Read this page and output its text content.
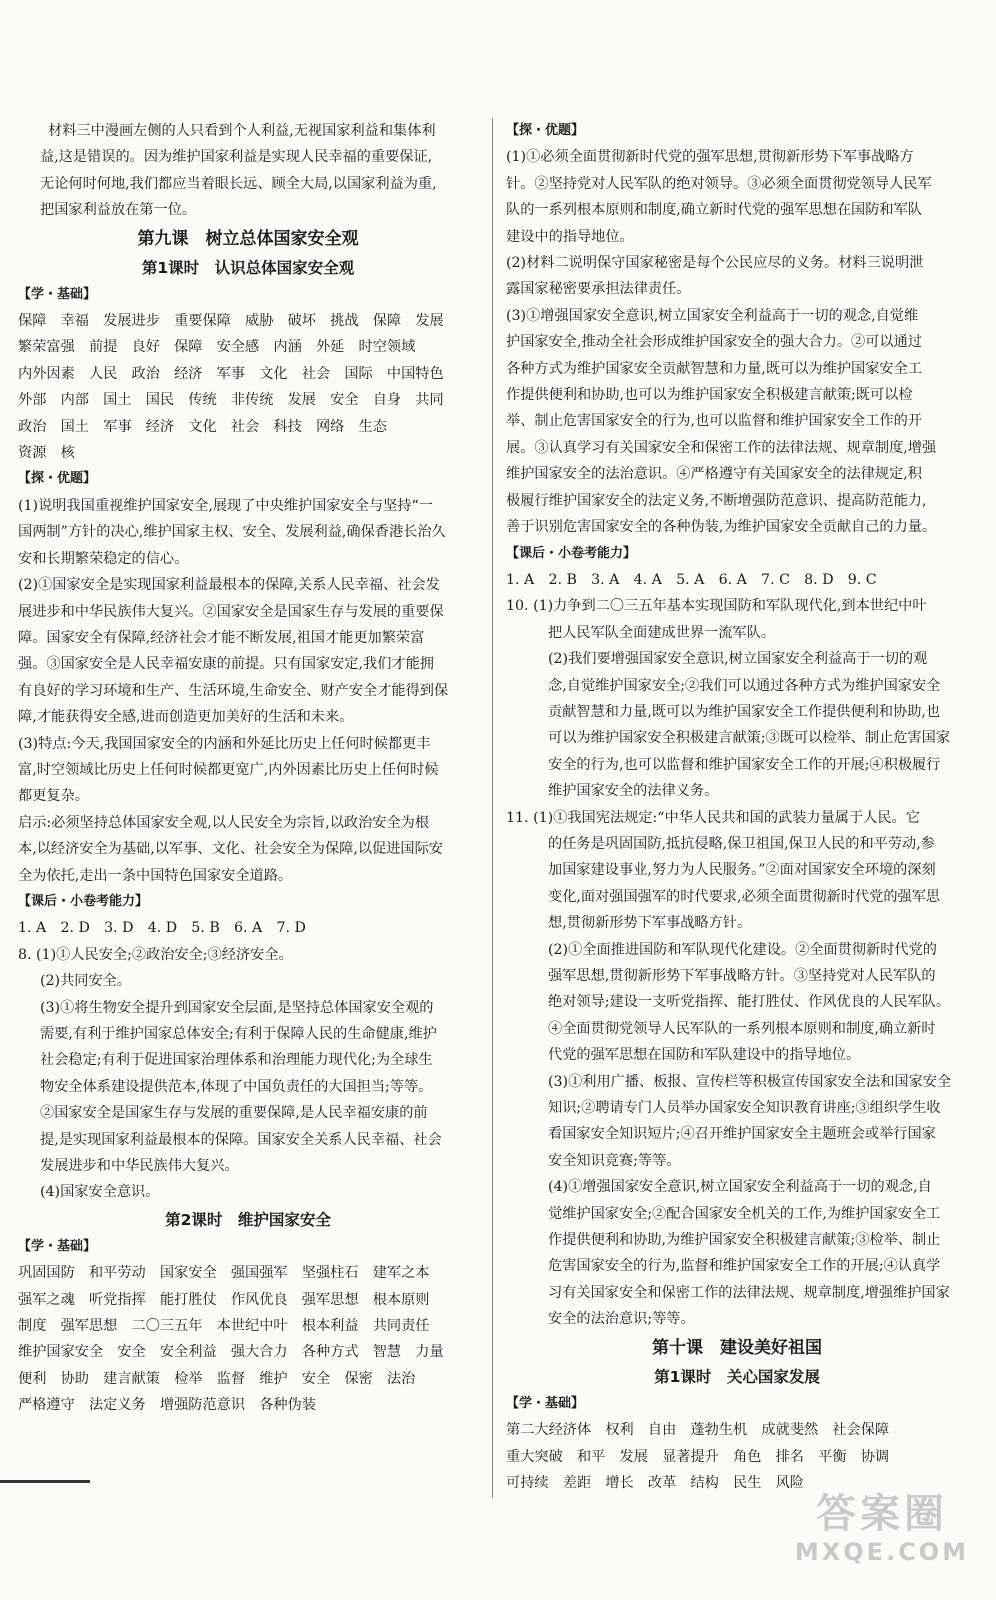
材料三中漫画左侧的人只看到个人利益,无视国家利益和集体利
益,这是错误的。因为维护国家利益是实现人民幸福的重要保证,
无论何时何地,我们都应当着眼长远、顾全大局,以国家利益为重,
把国家利益放在第一位。
第九课　树立总体国家安全观
第1课时　认识总体国家安全观
【学・基础】
保障　幸福　发展进步　重要保障　威胁　破坏　挑战　保障　发展
繁荣富强　前提　良好　保障　安全感　内涵　外延　时空领域
内外因素　人民　政治　经济　军事　文化　社会　国际　中国特色
外部　内部　国土　国民　传统　非传统　发展　安全　自身　共同
政治　国土　军事　经济　文化　社会　科技　网络　生态
资源　核
【探・优题】
(1)说明我国重视维护国家安全,展现了中央维护国家安全与坚持“一
国两制”方针的决心,维护国家主权、安全、发展利益,确保香港长治久
安和长期繁荣稳定的信心。
(2)①国家安全是实现国家利益最根本的保障,关系人民幸福、社会发
展进步和中华民族伟大复兴。②国家安全是国家生存与发展的重要保
障。国家安全有保障,经济社会才能不断发展,祖国才能更加繁荣富
强。③国家安全是人民幸福安康的前提。只有国家安定,我们才能拥
有良好的学习环境和生产、生活环境,生命安全、财产安全才能得到保
障,才能获得安全感,进而创造更加美好的生活和未来。
(3)特点:今天,我国国家安全的内涵和外延比历史上任何时候都更丰
富,时空领域比历史上任何时候都更宽广,内外因素比历史上任何时候
都更复杂。
启示:必须坚持总体国家安全观,以人民安全为宗旨,以政治安全为根
本,以经济安全为基础,以军事、文化、社会安全为保障,以促进国际安
全为依托,走出一条中国特色国家安全道路。
【课后・小卷考能力】
1. A　2. D　3. D　4. D　5. B　6. A　7. D
8. (1)①人民安全;②政治安全;③经济安全。
(2)共同安全。
(3)①将生物安全提升到国家安全层面,是坚持总体国家安全观的
需要,有利于维护国家总体安全;有利于保障人民的生命健康,维护
社会稳定;有利于促进国家治理体系和治理能力现代化;为全球生
物安全体系建设提供范本,体现了中国负责任的大国担当;等等。
②国家安全是国家生存与发展的重要保障,是人民幸福安康的前
提,是实现国家利益最根本的保障。国家安全关系人民幸福、社会
发展进步和中华民族伟大复兴。
(4)国家安全意识。
第2课时　维护国家安全
【学・基础】
巩固国防　和平劳动　国家安全　强国强军　坚强柱石　建军之本
强军之魂　听党指挥　能打胜仗　作风优良　强军思想　根本原则
制度　强军思想　二〇三五年　本世纪中叶　根本利益　共同责任
维护国家安全　安全　安全利益　强大合力　各种方式　智慧　力量
便利　协助　建言献策　检举　监督　维护　安全　保密　法治
严格遵守　法定义务　增强防范意识　各种伪装
【探・优题】
(1)①必须全面贯彻新时代党的强军思想,贯彻新形势下军事战略方
针。②坚持党对人民军队的绝对领导。③必须全面贯彻党领导人民军
队的一系列根本原则和制度,确立新时代党的强军思想在国防和军队
建设中的指导地位。
(2)材料二说明保守国家秘密是每个公民应尽的义务。材料三说明泄
露国家秘密要承担法律责任。
(3)①增强国家安全意识,树立国家安全利益高于一切的观念,自觉维
护国家安全,推动全社会形成维护国家安全的强大合力。②可以通过
各种方式为维护国家安全贡献智慧和力量,既可以为维护国家安全工
作提供便利和协助,也可以为维护国家安全积极建言献策;既可以检
举、制止危害国家安全的行为,也可以监督和维护国家安全工作的开
展。③认真学习有关国家安全和保密工作的法律法规、规章制度,增强
维护国家安全的法治意识。④严格遵守有关国家安全的法律规定,积
极履行维护国家安全的法定义务,不断增强防范意识、提高防范能力,
善于识别危害国家安全的各种伪装,为维护国家安全贡献自己的力量。
【课后・小卷考能力】
1. A　2. B　3. A　4. A　5. A　6. A　7. C　8. D　9. C
10. (1)力争到二〇三五年基本实现国防和军队现代化,到本世纪中叶
把人民军队全面建成世界一流军队。
(2)我们要增强国家安全意识,树立国家安全利益高于一切的观
念,自觉维护国家安全;②我们可以通过各种方式为维护国家安全
贡献智慧和力量,既可以为维护国家安全工作提供便利和协助,也
可以为维护国家安全积极建言献策;③既可以检举、制止危害国家
安全的行为,也可以监督和维护国家安全工作的开展;④积极履行
维护国家安全的法律义务。
11. (1)①我国宪法规定:“中华人民共和国的武装力量属于人民。它
的任务是巩固国防,抵抗侵略,保卫祖国,保卫人民的和平劳动,参
加国家建设事业,努力为人民服务。”②面对国家安全环境的深刻
变化,面对强国强军的时代要求,必须全面贯彻新时代党的强军思
想,贯彻新形势下军事战略方针。
(2)①全面推进国防和军队现代化建设。②全面贯彻新时代党的
强军思想,贯彻新形势下军事战略方针。③坚持党对人民军队的
绝对领导;建设一支听党指挥、能打胜仗、作风优良的人民军队。
④全面贯彻党领导人民军队的一系列根本原则和制度,确立新时
代党的强军思想在国防和军队建设中的指导地位。
(3)①利用广播、板报、宣传栏等积极宣传国家安全法和国家安全
知识;②聘请专门人员举办国家安全知识教育讲座;③组织学生收
看国家安全知识短片;④召开维护国家安全主题班会或举行国家
安全知识竞赛;等等。
(4)①增强国家安全意识,树立国家安全利益高于一切的观念,自
觉维护国家安全;②配合国家安全机关的工作,为维护国家安全工
作提供便利和协助,为维护国家安全积极建言献策;③检举、制止
危害国家安全的行为,监督和维护国家安全工作的开展;④认真学
习有关国家安全和保密工作的法律法规、规章制度,增强维护国家
安全的法治意识;等等。
第十课　建设美好祖国
第1课时　关心国家发展
【学・基础】
第二大经济体　权利　自由　蓬勃生机　成就斐然　社会保障
重大突破　和平　发展　显著提升　角色　排名　平衡　协调
可持续　差距　增长　改革　结构　民生　风险
答案圈
MXQE.COM
